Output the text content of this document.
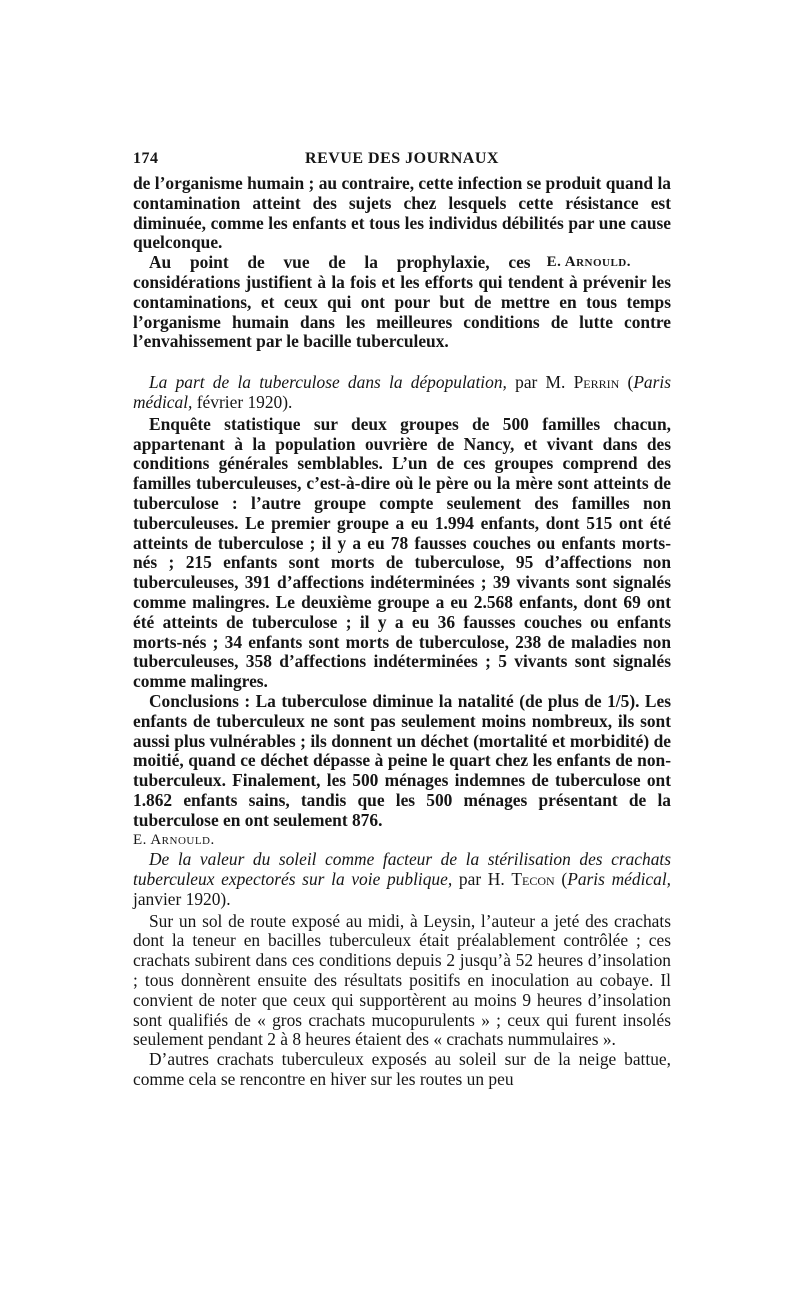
174	REVUE DES JOURNAUX

de l’organisme humain ; au contraire, cette infection se produit quand la contamination atteint des sujets chez lesquels cette résistance est diminuée, comme les enfants et tous les individus débilités par une cause quelconque.

E. Arnould.
Au point de vue de la prophylaxie, ces considérations justifient à la fois et les efforts qui tendent à prévenir les contaminations, et ceux qui ont pour but de mettre en tous temps l’organisme humain dans les meilleures conditions de lutte contre l’envahissement par le bacille tuberculeux.

La part de la tuberculose dans la dépopulation, par M. Perrin (Paris médical, février 1920).

Enquête statistique sur deux groupes de 500 familles chacun, appartenant à la population ouvrière de Nancy, et vivant dans des conditions générales semblables. L’un de ces groupes comprend des familles tuberculeuses, c’est-à-dire où le père ou la mère sont atteints de tuberculose : l’autre groupe compte seulement des familles non tuberculeuses. Le premier groupe a eu 1.994 enfants, dont 515 ont été atteints de tuberculose ; il y a eu 78 fausses couches ou enfants morts-nés ; 215 enfants sont morts de tuberculose, 95 d’affections non tuberculeuses, 391 d’affections indéterminées ; 39 vivants sont signalés comme malingres. Le deuxième groupe a eu 2.568 enfants, dont 69 ont été atteints de tuberculose ; il y a eu 36 fausses couches ou enfants morts-nés ; 34 enfants sont morts de tuberculose, 238 de maladies non tuberculeuses, 358 d’affections indéterminées ; 5 vivants sont signalés comme malingres.

Conclusions : La tuberculose diminue la natalité (de plus de 1/5). Les enfants de tuberculeux ne sont pas seulement moins nombreux, ils sont aussi plus vulnérables ; ils donnent un déchet (mortalité et morbidité) de moitié, quand ce déchet dépasse à peine le quart chez les enfants de non-tuberculeux. Finalement, les 500 ménages indemnes de tuberculose ont 1.862 enfants sains, tandis que les 500 ménages présentant de la tuberculose en ont seulement 876.

E. Arnould.

De la valeur du soleil comme facteur de la stérilisation des crachats tuberculeux expectorés sur la voie publique, par H. Tecon (Paris médical, janvier 1920).

Sur un sol de route exposé au midi, à Leysin, l’auteur a jeté des crachats dont la teneur en bacilles tuberculeux était préalablement contrôlée ; ces crachats subirent dans ces conditions depuis 2 jusqu’à 52 heures d’insolation ; tous donnèrent ensuite des résultats positifs en inoculation au cobaye. Il convient de noter que ceux qui supportèrent au moins 9 heures d’insolation sont qualifiés de « gros crachats mucopurulents » ; ceux qui furent insolés seulement pendant 2 à 8 heures étaient des « crachats nummulaires ».

D’autres crachats tuberculeux exposés au soleil sur de la neige battue, comme cela se rencontre en hiver sur les routes un peu
